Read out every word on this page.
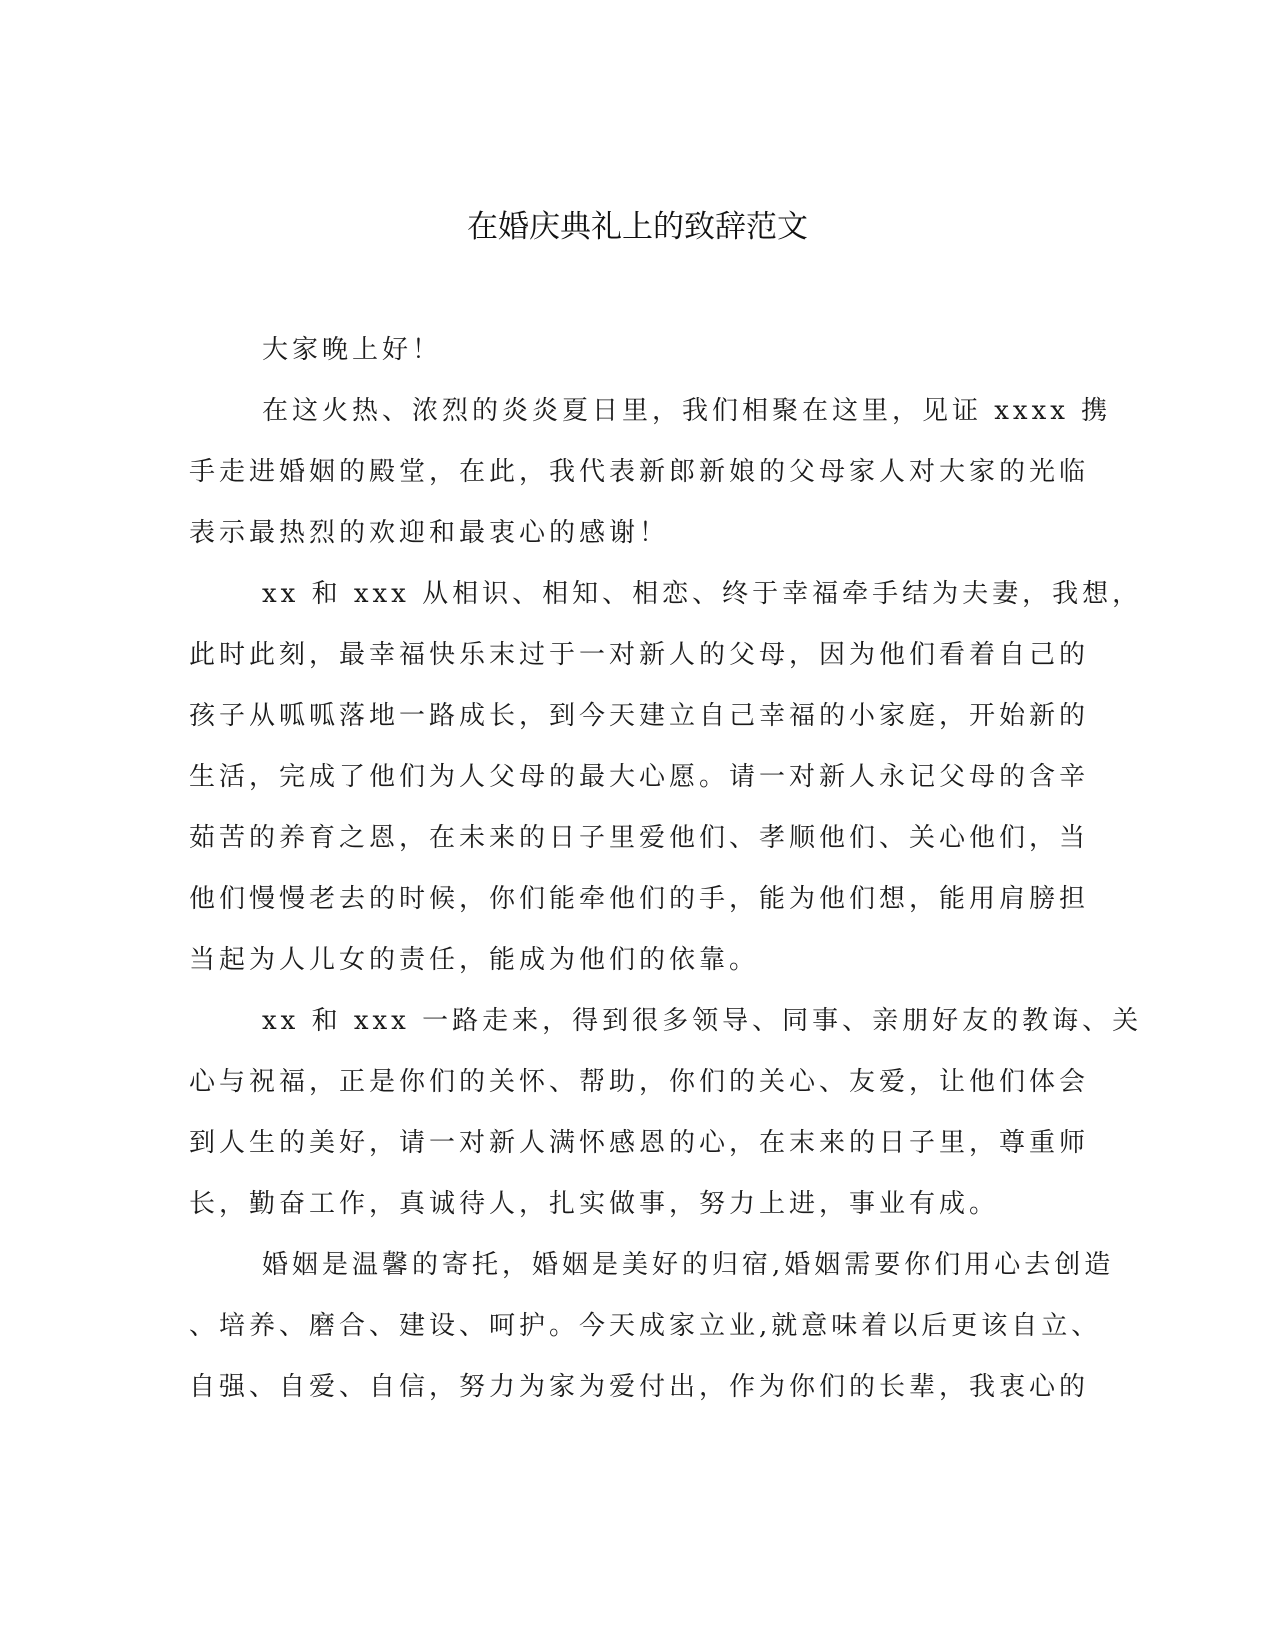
在婚庆典礼上的致辞范文
大家晚上好！
在这火热、浓烈的炎炎夏日里，我们相聚在这里，见证 xxxx 携
手走进婚姻的殿堂，在此，我代表新郎新娘的父母家人对大家的光临
表示最热烈的欢迎和最衷心的感谢！
xx 和 xxx 从相识、相知、相恋、终于幸福牵手结为夫妻，我想，
此时此刻，最幸福快乐末过于一对新人的父母，因为他们看着自己的
孩子从呱呱落地一路成长，到今天建立自己幸福的小家庭，开始新的
生活，完成了他们为人父母的最大心愿。请一对新人永记父母的含辛
茹苦的养育之恩，在未来的日子里爱他们、孝顺他们、关心他们，当
他们慢慢老去的时候，你们能牵他们的手，能为他们想，能用肩膀担
当起为人儿女的责任，能成为他们的依靠。
xx 和 xxx 一路走来，得到很多领导、同事、亲朋好友的教诲、关
心与祝福，正是你们的关怀、帮助，你们的关心、友爱，让他们体会
到人生的美好，请一对新人满怀感恩的心，在末来的日子里，尊重师
长，勤奋工作，真诚待人，扎实做事，努力上进，事业有成。
婚姻是温馨的寄托，婚姻是美好的归宿,婚姻需要你们用心去创造
、培养、磨合、建设、呵护。今天成家立业,就意味着以后更该自立、
自强、自爱、自信，努力为家为爱付出，作为你们的长辈，我衷心的
